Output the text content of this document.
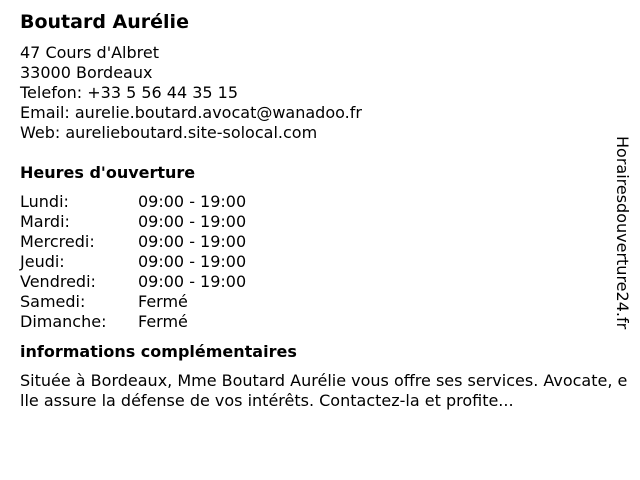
Boutard Aurélie
47 Cours d'Albret
33000 Bordeaux
Telefon: +33 5 56 44 35 15
Email: aurelie.boutard.avocat@wanadoo.fr
Web: aurelieboutard.site-solocal.com
Heures d'ouverture
Lundi:	09:00 - 19:00
Mardi:	09:00 - 19:00
Mercredi:	09:00 - 19:00
Jeudi:	09:00 - 19:00
Vendredi:	09:00 - 19:00
Samedi:	Fermé
Dimanche:	Fermé
informations complémentaires
Située à Bordeaux, Mme Boutard Aurélie vous offre ses services. Avocate, elle assure la défense de vos intérêts. Contactez-la et profite...
Horairesdouverture24.fr
